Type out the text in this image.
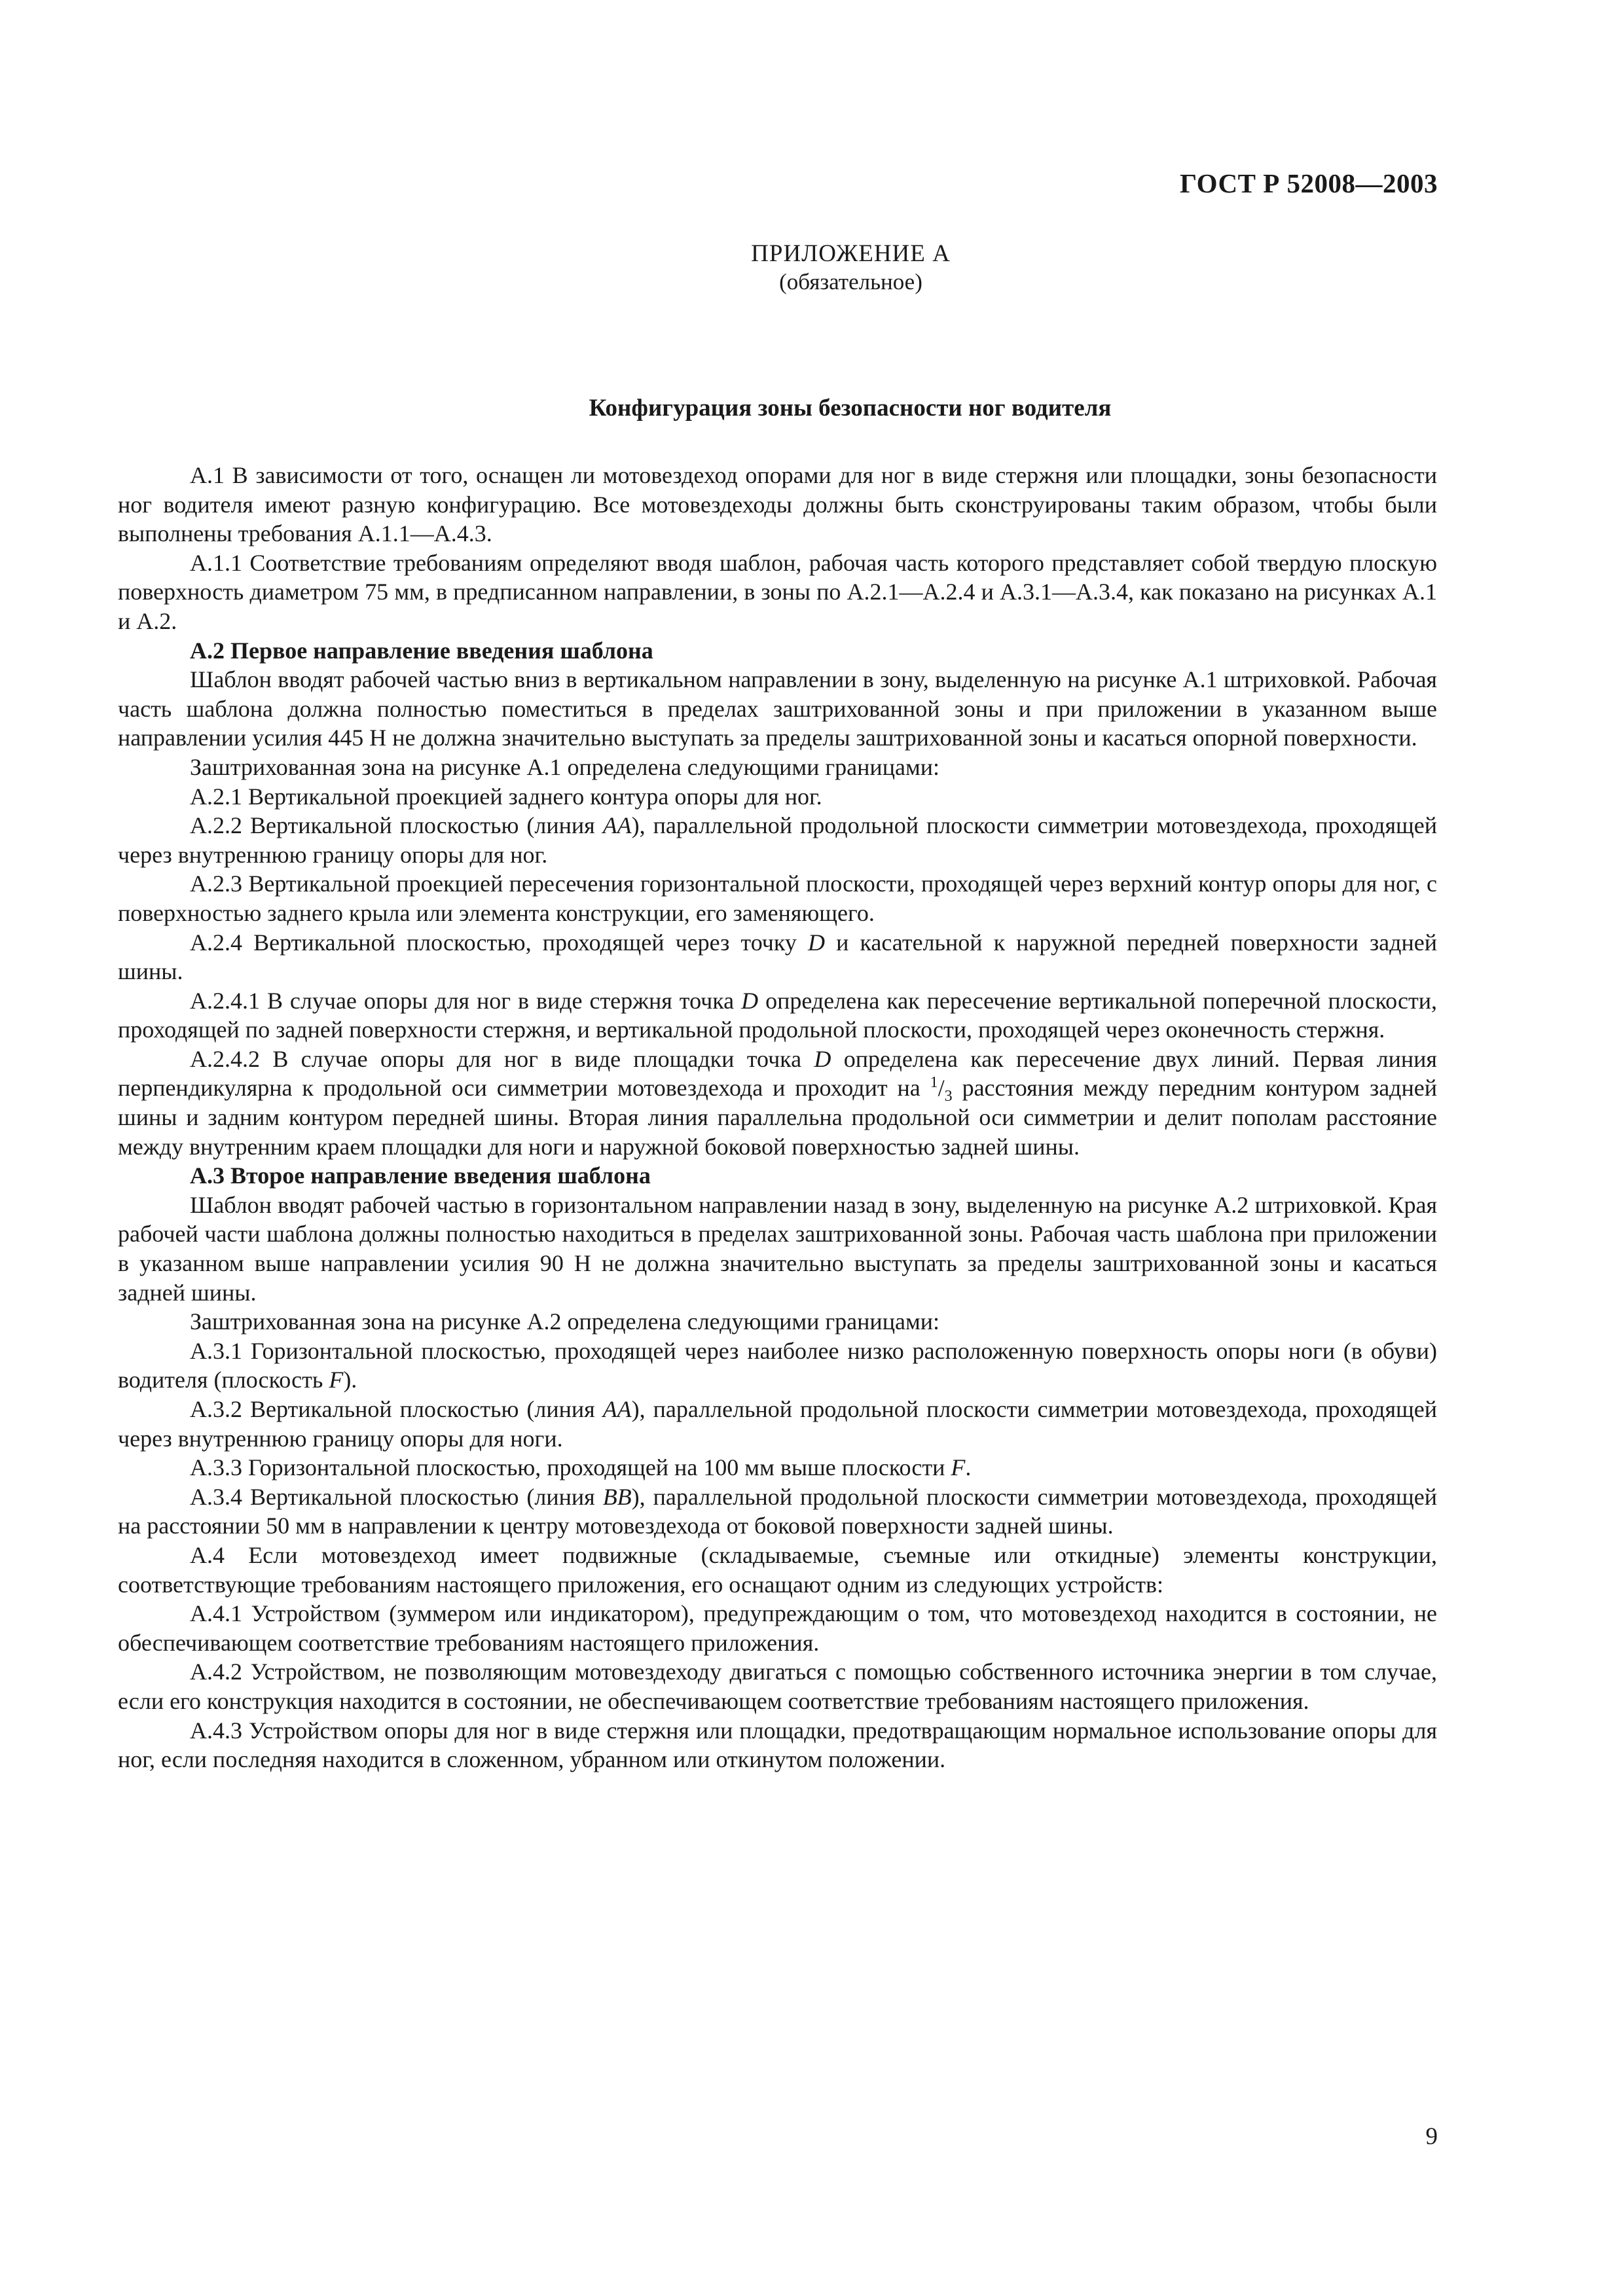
ГОСТ Р 52008—2003
ПРИЛОЖЕНИЕ А
(обязательное)
Конфигурация зоны безопасности ног водителя

А.1 В зависимости от того, оснащен ли мотовездеход опорами для ног в виде стержня или площадки, зоны безопасности ног водителя имеют разную конфигурацию. Все мотовездеходы должны быть сконструированы таким образом, чтобы были выполнены требования А.1.1—А.4.3.

А.1.1 Соответствие требованиям определяют вводя шаблон, рабочая часть которого представляет собой твердую плоскую поверхность диаметром 75 мм, в предписанном направлении, в зоны по А.2.1—А.2.4 и А.3.1—А.3.4, как показано на рисунках А.1 и А.2.

А.2 Первое направление введения шаблона

Шаблон вводят рабочей частью вниз в вертикальном направлении в зону, выделенную на рисунке А.1 штриховкой. Рабочая часть шаблона должна полностью поместиться в пределах заштрихованной зоны и при приложении в указанном выше направлении усилия 445 Н не должна значительно выступать за пределы заштрихованной зоны и касаться опорной поверхности.

Заштрихованная зона на рисунке А.1 определена следующими границами:

А.2.1 Вертикальной проекцией заднего контура опоры для ног.

А.2.2 Вертикальной плоскостью (линия АА), параллельной продольной плоскости симметрии мотовездехода, проходящей через внутреннюю границу опоры для ног.

А.2.3 Вертикальной проекцией пересечения горизонтальной плоскости, проходящей через верхний контур опоры для ног, с поверхностью заднего крыла или элемента конструкции, его заменяющего.

А.2.4 Вертикальной плоскостью, проходящей через точку D и касательной к наружной передней поверхности задней шины.

А.2.4.1 В случае опоры для ног в виде стержня точка D определена как пересечение вертикальной поперечной плоскости, проходящей по задней поверхности стержня, и вертикальной продольной плоскости, проходящей через оконечность стержня.

А.2.4.2 В случае опоры для ног в виде площадки точка D определена как пересечение двух линий. Первая линия перпендикулярна к продольной оси симметрии мотовездехода и проходит на $^1/_3$ расстояния между передним контуром задней шины и задним контуром передней шины. Вторая линия параллельна продольной оси симметрии и делит пополам расстояние между внутренним краем площадки для ноги и наружной боковой поверхностью задней шины.

А.3 Второе направление введения шаблона

Шаблон вводят рабочей частью в горизонтальном направлении назад в зону, выделенную на рисунке А.2 штриховкой. Края рабочей части шаблона должны полностью находиться в пределах заштрихованной зоны. Рабочая часть шаблона при приложении в указанном выше направлении усилия 90 Н не должна значительно выступать за пределы заштрихованной зоны и касаться задней шины.

Заштрихованная зона на рисунке А.2 определена следующими границами:

А.3.1 Горизонтальной плоскостью, проходящей через наиболее низко расположенную поверхность опоры ноги (в обуви) водителя (плоскость F).

А.3.2 Вертикальной плоскостью (линия АА), параллельной продольной плоскости симметрии мотовездехода, проходящей через внутреннюю границу опоры для ноги.

А.3.3 Горизонтальной плоскостью, проходящей на 100 мм выше плоскости F.

А.3.4 Вертикальной плоскостью (линия ВВ), параллельной продольной плоскости симметрии мотовездехода, проходящей на расстоянии 50 мм в направлении к центру мотовездехода от боковой поверхности задней шины.

А.4 Если мотовездеход имеет подвижные (складываемые, съемные или откидные) элементы конструкции, соответствующие требованиям настоящего приложения, его оснащают одним из следующих устройств:

А.4.1 Устройством (зуммером или индикатором), предупреждающим о том, что мотовездеход находится в состоянии, не обеспечивающем соответствие требованиям настоящего приложения.

А.4.2 Устройством, не позволяющим мотовездеходу двигаться с помощью собственного источника энергии в том случае, если его конструкция находится в состоянии, не обеспечивающем соответствие требованиям настоящего приложения.

А.4.3 Устройством опоры для ног в виде стержня или площадки, предотвращающим нормальное использование опоры для ног, если последняя находится в сложенном, убранном или откинутом положении.

9
